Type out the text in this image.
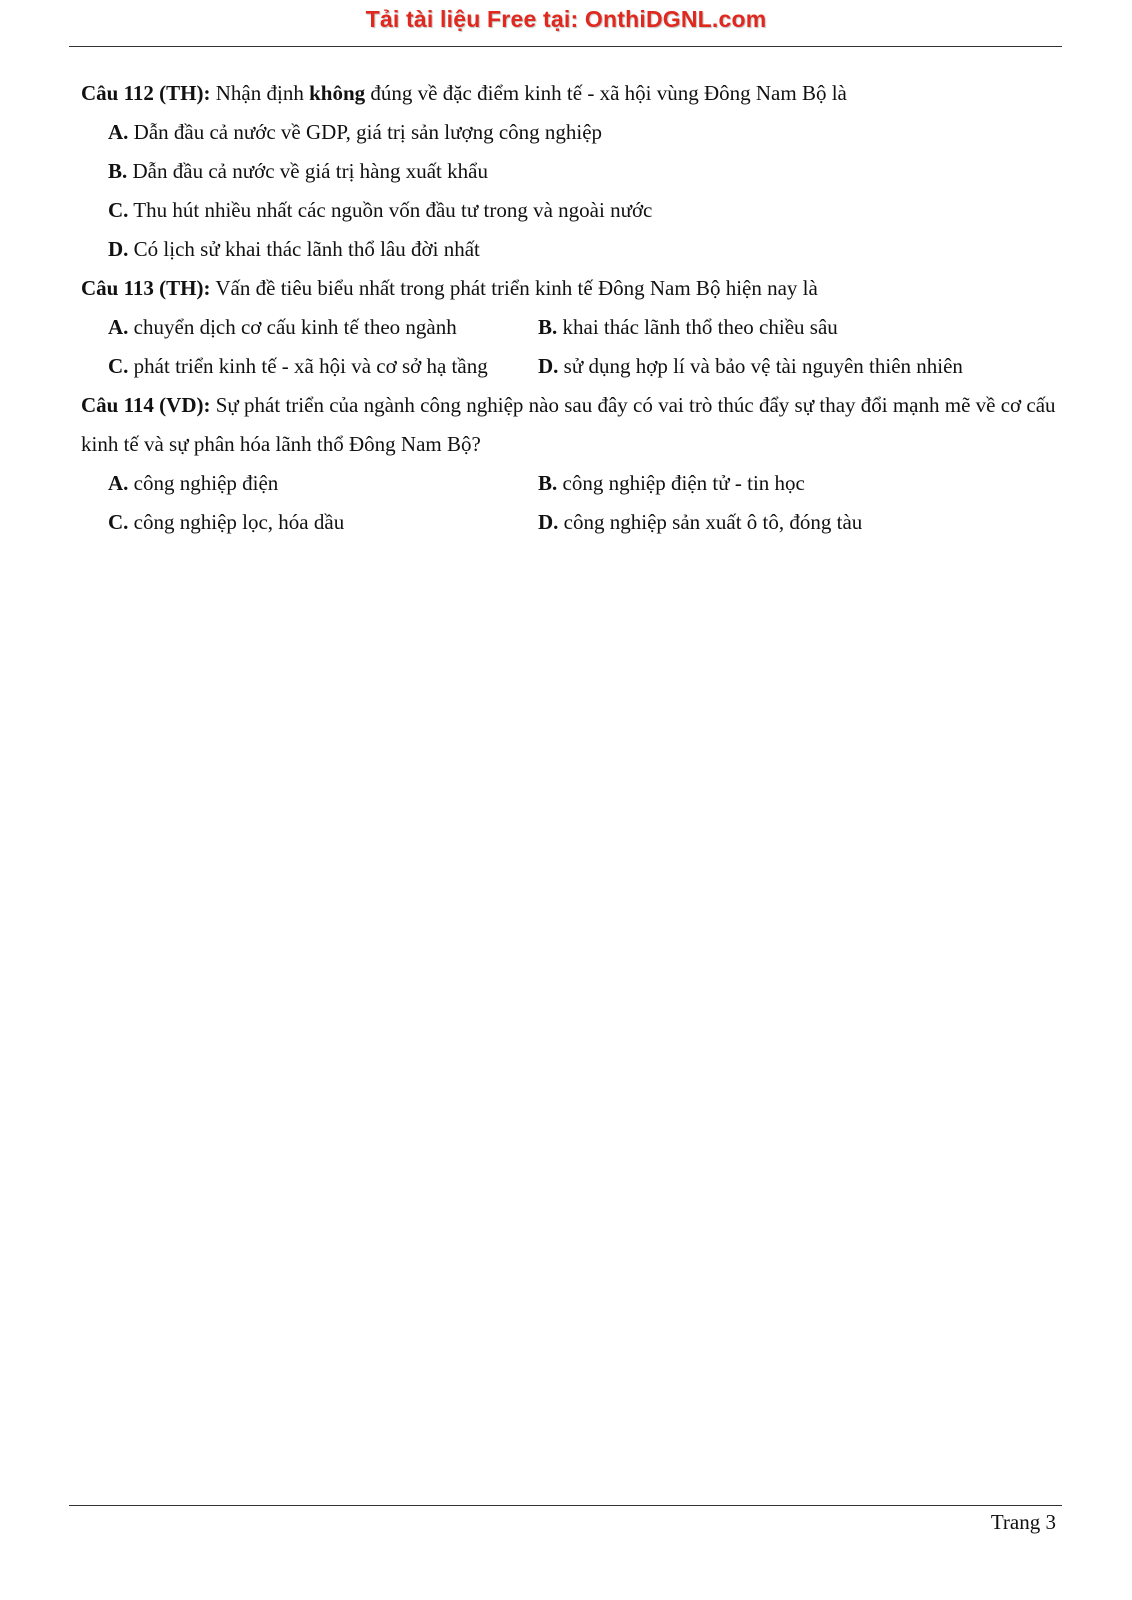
Tải tài liệu Free tại: OnthiDGNL.com

Câu 112 (TH): Nhận định không đúng về đặc điểm kinh tế - xã hội vùng Đông Nam Bộ là

A. Dẫn đầu cả nước về GDP, giá trị sản lượng công nghiệp

B. Dẫn đầu cả nước về giá trị hàng xuất khẩu

C. Thu hút nhiều nhất các nguồn vốn đầu tư trong và ngoài nước

D. Có lịch sử khai thác lãnh thổ lâu đời nhất

Câu 113 (TH): Vấn đề tiêu biểu nhất trong phát triển kinh tế Đông Nam Bộ hiện nay là

A. chuyển dịch cơ cấu kinh tế theo ngành	B. khai thác lãnh thổ theo chiều sâu
C. phát triển kinh tế - xã hội và cơ sở hạ tầng	D. sử dụng hợp lí và bảo vệ tài nguyên thiên nhiên

Câu 114 (VD): Sự phát triển của ngành công nghiệp nào sau đây có vai trò thúc đẩy sự thay đổi mạnh mẽ về cơ cấu kinh tế và sự phân hóa lãnh thổ Đông Nam Bộ?

A. công nghiệp điện	B. công nghiệp điện tử - tin học
C. công nghiệp lọc, hóa dầu	D. công nghiệp sản xuất ô tô, đóng tàu
Trang 3
